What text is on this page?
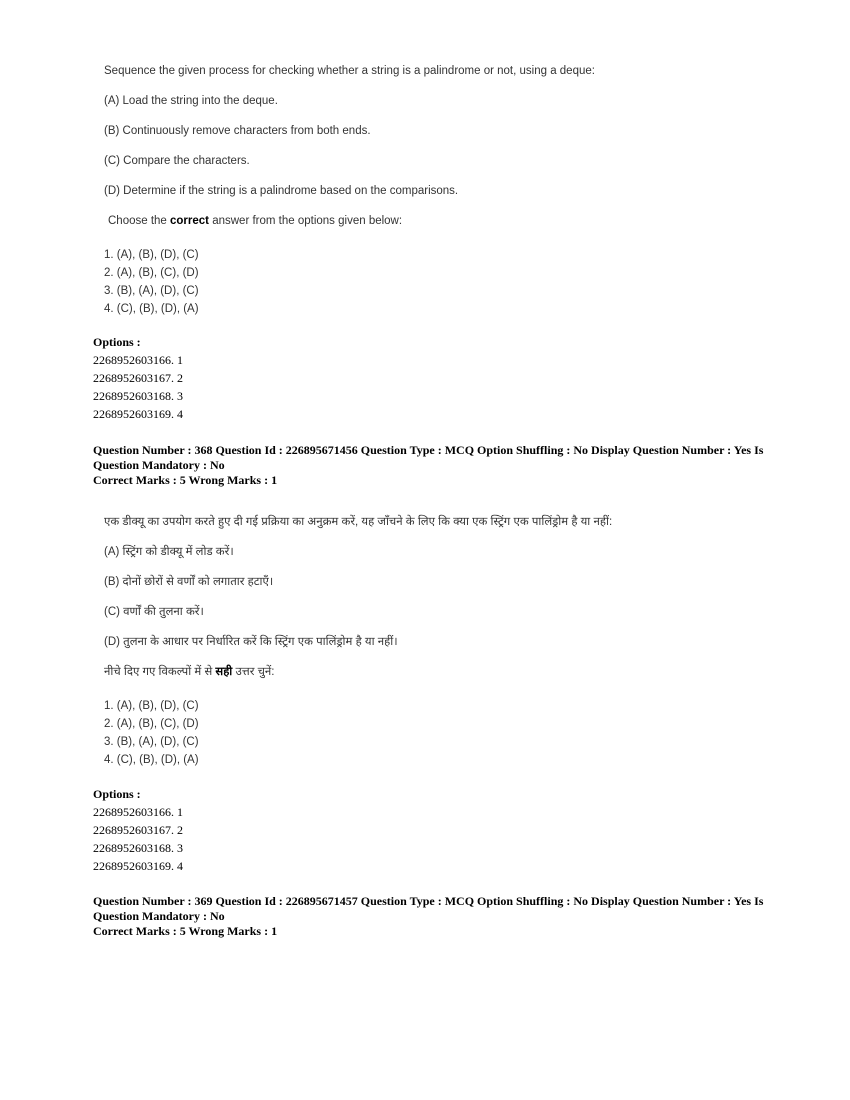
Sequence the given process for checking whether a string is a palindrome or not, using a deque:

(A) Load the string into the deque.

(B) Continuously remove characters from both ends.

(C) Compare the characters.

(D) Determine if the string is a palindrome based on the comparisons.

Choose the correct answer from the options given below:

1. (A), (B), (D), (C)

2. (A), (B), (C), (D)

3. (B), (A), (D), (C)

4. (C), (B), (D), (A)

Options :

2268952603166. 1

2268952603167. 2

2268952603168. 3

2268952603169. 4

Question Number : 368 Question Id : 226895671456 Question Type : MCQ Option Shuffling : No Display Question Number : Yes Is

Question Mandatory : No

Correct Marks : 5 Wrong Marks : 1

एक डीक्यू का उपयोग करते हुए दी गई प्रक्रिया का अनुक्रम करें, यह जाँचने के लिए कि क्या एक स्ट्रिंग एक पालिंड्रोम है या नहीं:

(A) स्ट्रिंग को डीक्यू में लोड करें।

(B) दोनों छोरों से वर्णों को लगातार हटाएँ।

(C) वर्णों की तुलना करें।

(D) तुलना के आधार पर निर्धारित करें कि स्ट्रिंग एक पालिंड्रोम है या नहीं।

नीचे दिए गए विकल्पों में से सही उत्तर चुनें:

1. (A), (B), (D), (C)

2. (A), (B), (C), (D)

3. (B), (A), (D), (C)

4. (C), (B), (D), (A)

Options :

2268952603166. 1

2268952603167. 2

2268952603168. 3

2268952603169. 4

Question Number : 369 Question Id : 226895671457 Question Type : MCQ Option Shuffling : No Display Question Number : Yes Is

Question Mandatory : No

Correct Marks : 5 Wrong Marks : 1
